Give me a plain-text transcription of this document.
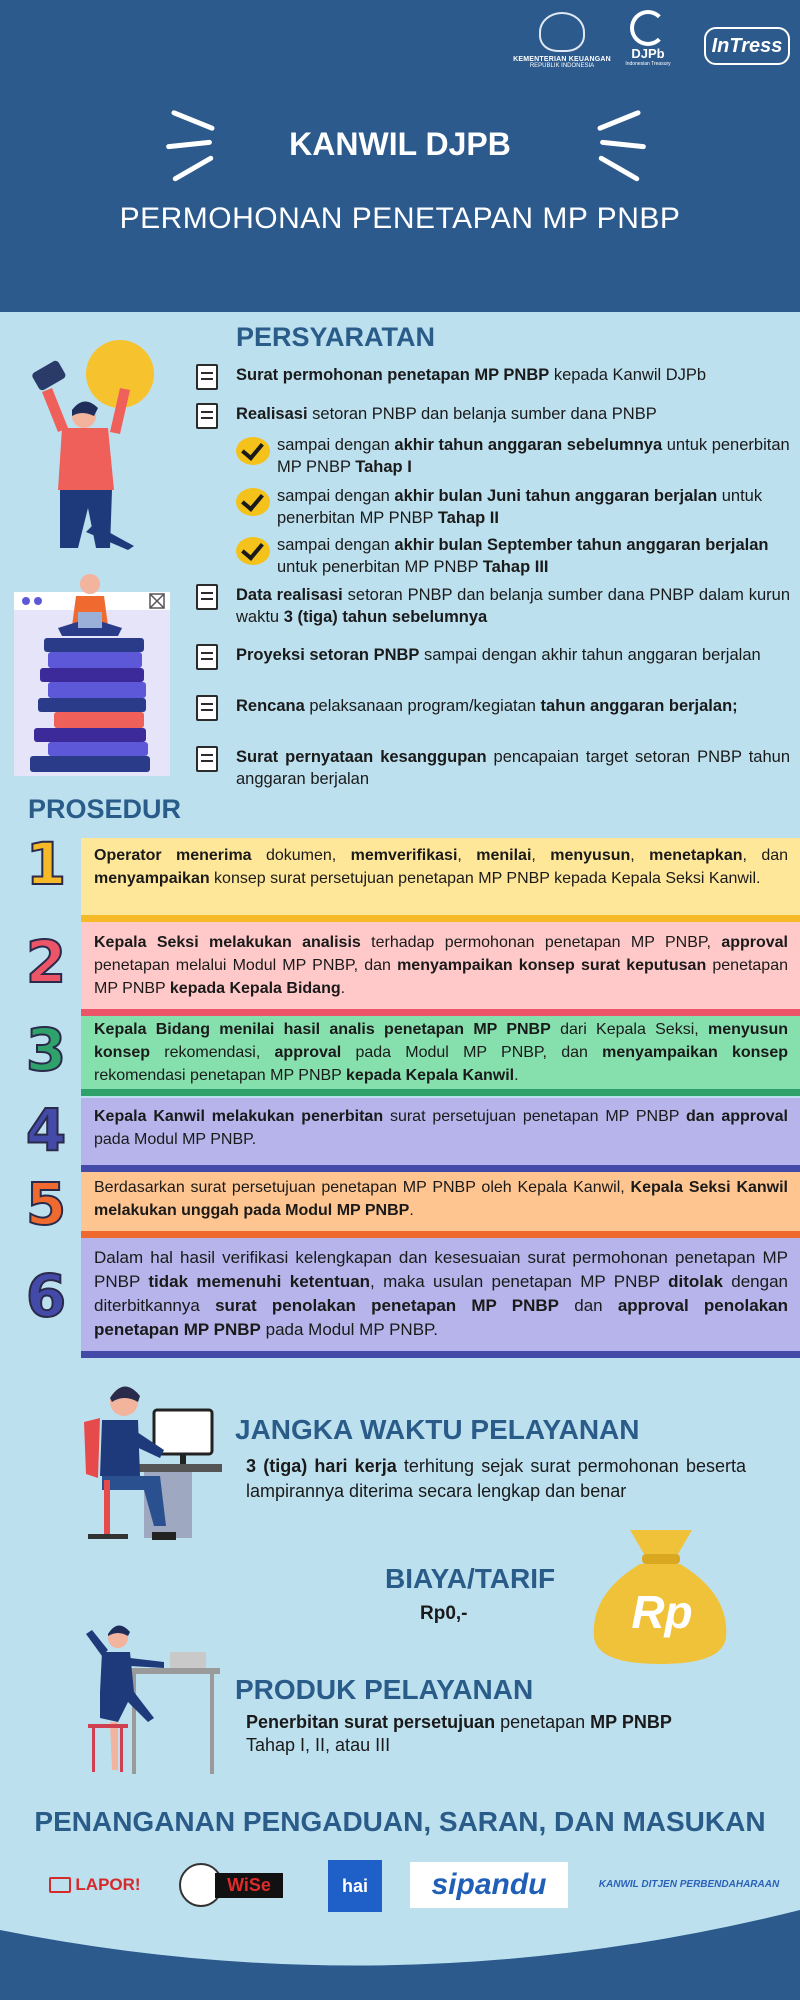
KEMENTERIAN KEUANGAN
REPUBLIK INDONESIA
DJPb
Indonesian Treasury
InTress
KANWIL DJPB
PERMOHONAN PENETAPAN MP PNBP
PERSYARATAN
Surat permohonan penetapan MP PNBP kepada Kanwil DJPb
Realisasi setoran PNBP dan belanja sumber dana PNBP
sampai dengan akhir tahun anggaran sebelumnya untuk penerbitan MP PNBP Tahap I
sampai dengan akhir bulan Juni tahun anggaran berjalan untuk penerbitan MP PNBP Tahap II
sampai dengan akhir bulan September tahun anggaran berjalan untuk penerbitan MP PNBP Tahap III
Data realisasi setoran PNBP dan belanja sumber dana PNBP dalam kurun waktu 3 (tiga) tahun sebelumnya
Proyeksi setoran PNBP sampai dengan akhir tahun anggaran berjalan
Rencana pelaksanaan program/kegiatan tahun anggaran berjalan;
Surat pernyataan kesanggupan pencapaian target setoran PNBP tahun anggaran berjalan
PROSEDUR
1	Operator menerima dokumen, memverifikasi, menilai, menyusun, menetapkan, dan menyampaikan konsep surat persetujuan penetapan MP PNBP kepada Kepala Seksi Kanwil.
2	Kepala Seksi melakukan analisis terhadap permohonan penetapan MP PNBP, approval penetapan melalui Modul MP PNBP, dan menyampaikan konsep surat keputusan penetapan MP PNBP kepada Kepala Bidang.
3	Kepala Bidang menilai hasil analis penetapan MP PNBP dari Kepala Seksi, menyusun konsep rekomendasi, approval pada Modul MP PNBP, dan menyampaikan konsep rekomendasi penetapan MP PNBP kepada Kepala Kanwil.
4	Kepala Kanwil melakukan penerbitan surat persetujuan penetapan MP PNBP dan approval pada Modul MP PNBP.
5	Berdasarkan surat persetujuan penetapan MP PNBP oleh Kepala Kanwil, Kepala Seksi Kanwil melakukan unggah pada Modul MP PNBP.
6
Dalam hal hasil verifikasi kelengkapan dan kesesuaian surat permohonan penetapan MP PNBP tidak memenuhi ketentuan, maka usulan penetapan MP PNBP ditolak dengan diterbitkannya surat penolakan penetapan MP PNBP dan approval penolakan penetapan MP PNBP pada Modul MP PNBP.
JANGKA WAKTU PELAYANAN
3 (tiga) hari kerja terhitung sejak surat permohonan beserta lampirannya diterima secara lengkap dan benar
BIAYA/TARIF
Rp0,-	Rp
PRODUK PELAYANAN
Penerbitan surat persetujuan penetapan MP PNBP
Tahap I, II, atau III
PENANGANAN PENGADUAN, SARAN, DAN MASUKAN
LAPOR!	WiSe	hai	sipandu	KANWIL DITJEN PERBENDAHARAAN
